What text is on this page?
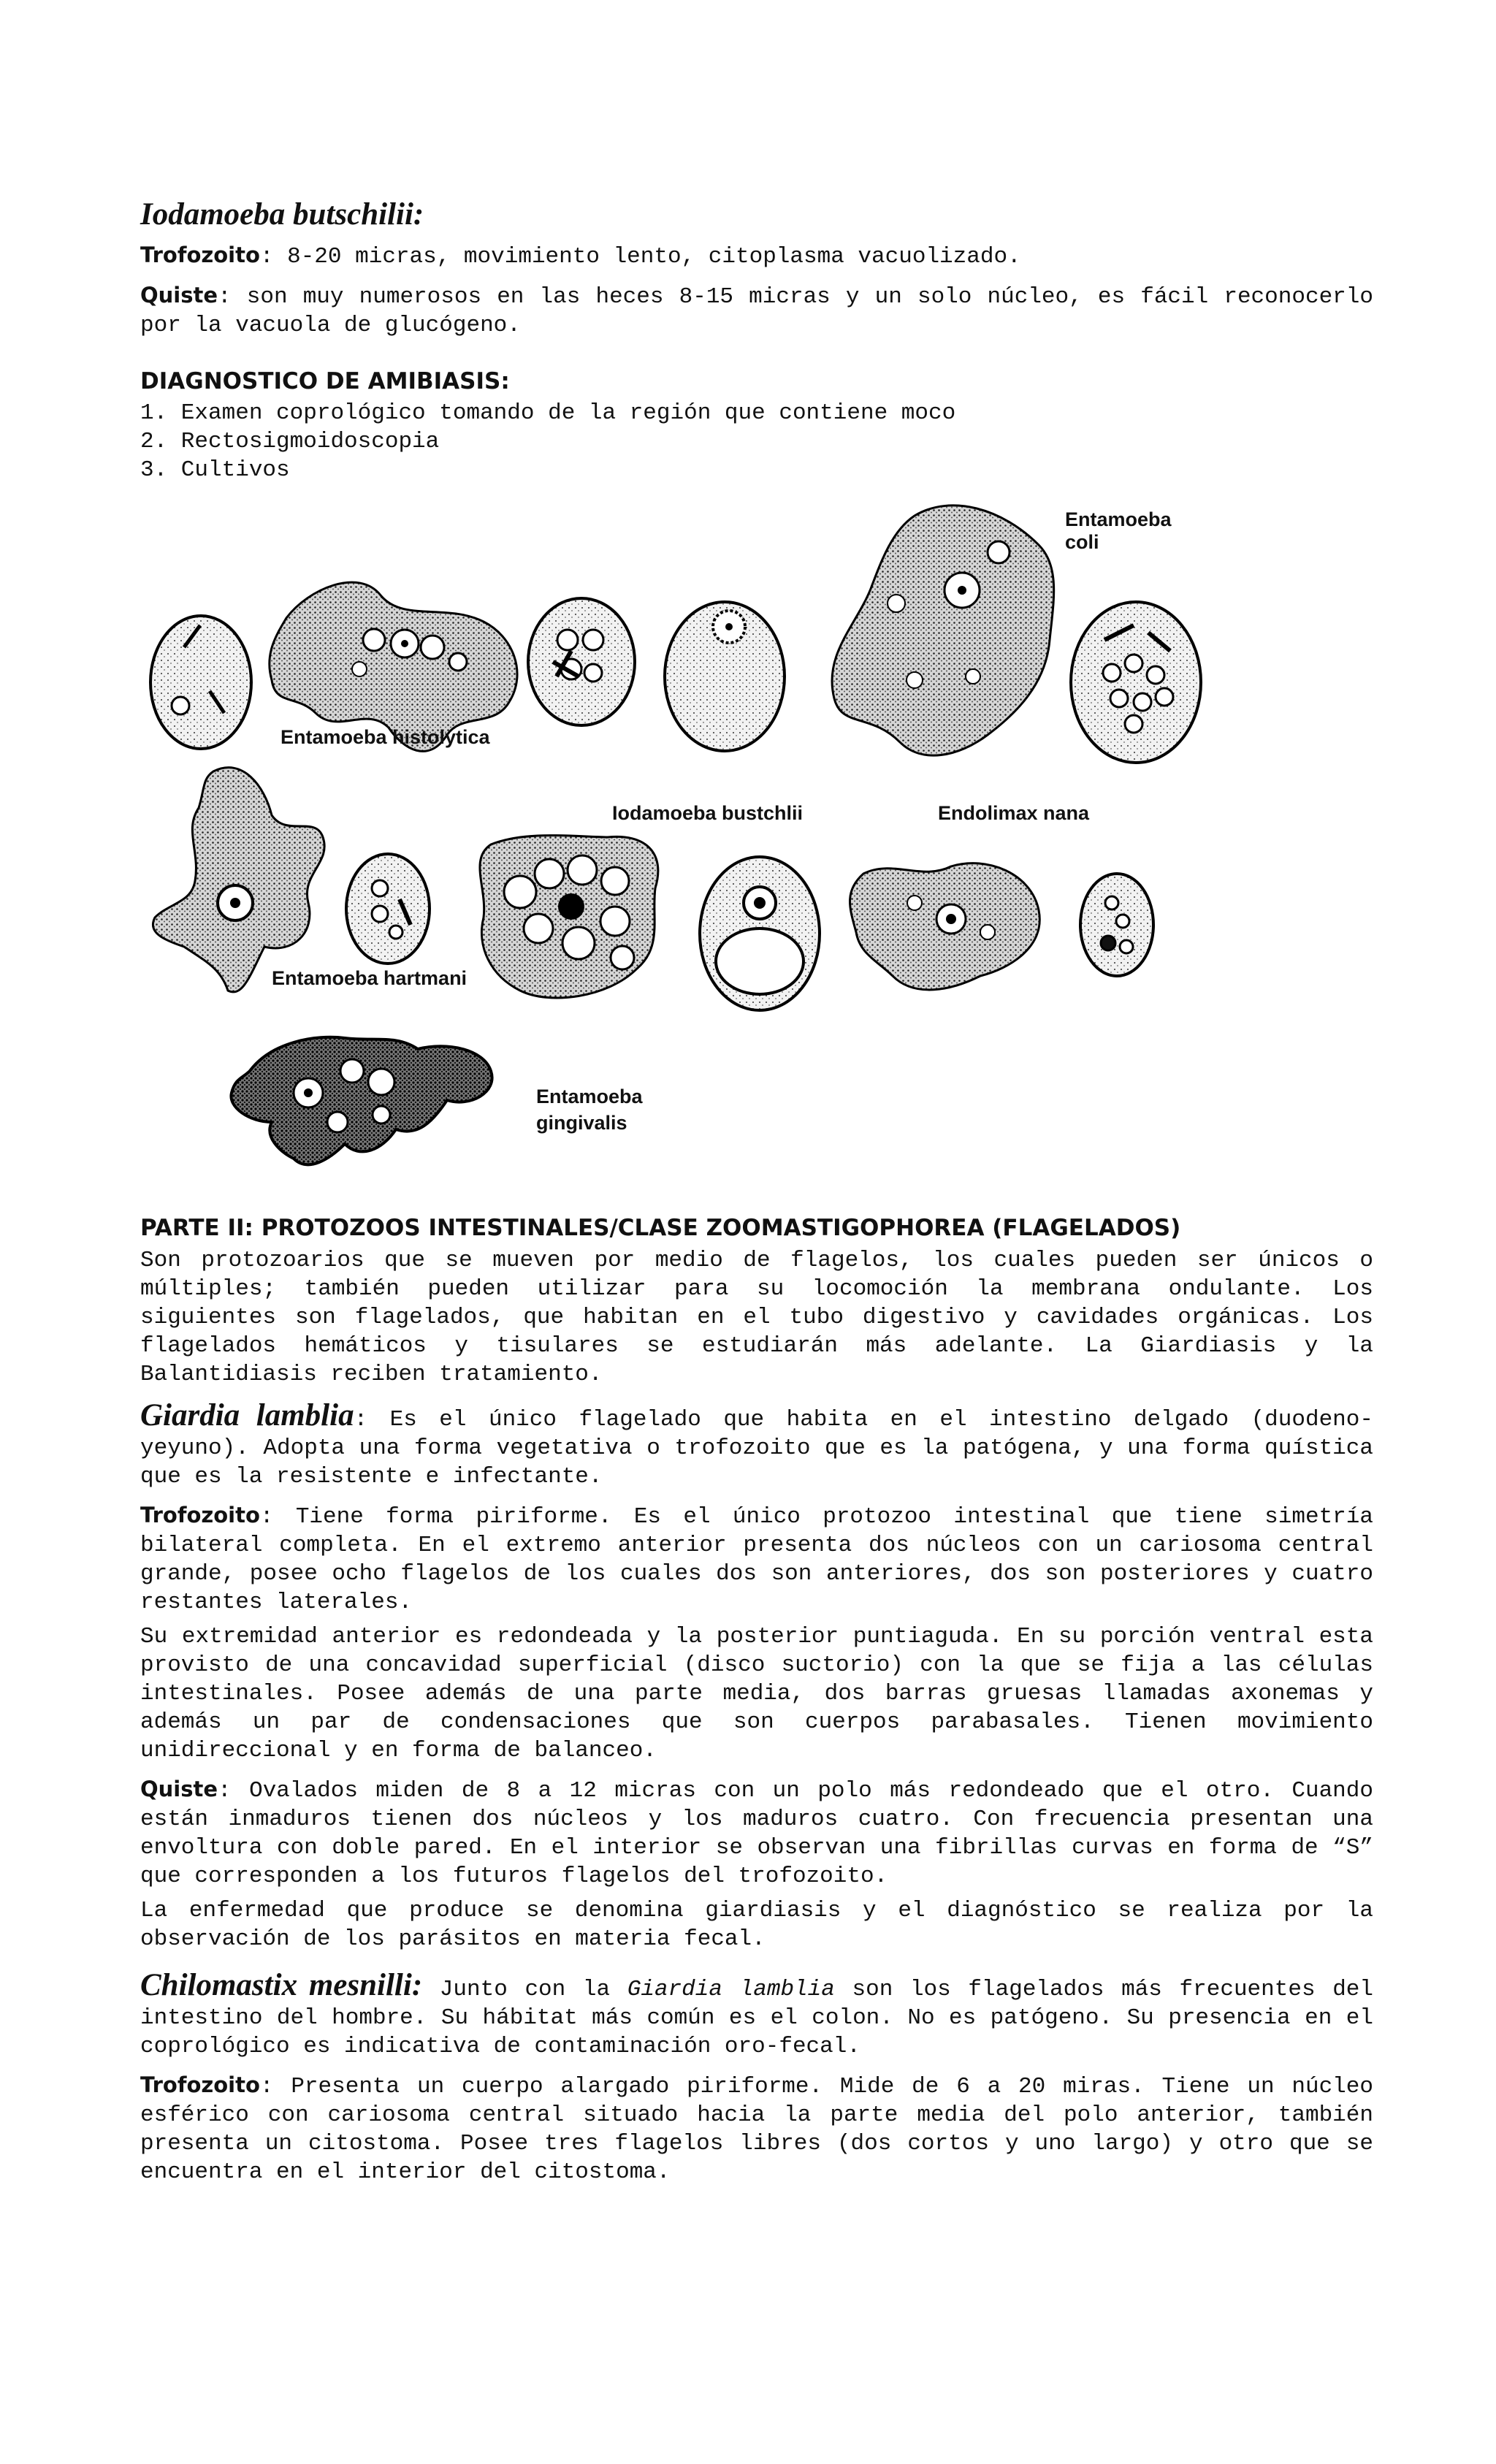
Iodamoeba butschilii:

Trofozoito: 8-20 micras, movimiento lento, citoplasma vacuolizado.

Quiste: son muy numerosos en las heces 8-15 micras y un solo núcleo, es fácil reconocerlo por la vacuola de glucógeno.

DIAGNOSTICO DE AMIBIASIS:

1. Examen coprológico tomando de la región que contiene moco

2. Rectosigmoidoscopia

3. Cultivos

Entamoeba coli
Entamoeba histolytica
Iodamoeba bustchlii	Endolimax nana
Entamoeba hartmani
Entamoeba
gingivalis

PARTE II: PROTOZOOS INTESTINALES/CLASE ZOOMASTIGOPHOREA (FLAGELADOS)

Son protozoarios que se mueven por medio de flagelos, los cuales pueden ser únicos o múltiples; también pueden utilizar para su locomoción la membrana ondulante. Los siguientes son flagelados, que habitan en el tubo digestivo y cavidades orgánicas. Los flagelados hemáticos y tisulares se estudiarán más adelante. La Giardiasis y la Balantidiasis reciben tratamiento.

Giardia lamblia: Es el único flagelado que habita en el intestino delgado (duodeno-yeyuno). Adopta una forma vegetativa o trofozoito que es la patógena, y una forma quística que es la resistente e infectante.

Trofozoito: Tiene forma piriforme. Es el único protozoo intestinal que tiene simetría bilateral completa. En el extremo anterior presenta dos núcleos con un cariosoma central grande, posee ocho flagelos de los cuales dos son anteriores, dos son posteriores y cuatro restantes laterales.

Su extremidad anterior es redondeada y la posterior puntiaguda. En su porción ventral esta provisto de una concavidad superficial (disco suctorio) con la que se fija a las células intestinales. Posee además de una parte media, dos barras gruesas llamadas axonemas y además un par de condensaciones que son cuerpos parabasales. Tienen movimiento unidireccional y en forma de balanceo.

Quiste: Ovalados miden de 8 a 12 micras con un polo más redondeado que el otro. Cuando están inmaduros tienen dos núcleos y los maduros cuatro. Con frecuencia presentan una envoltura con doble pared. En el interior se observan una fibrillas curvas en forma de “S” que corresponden a los futuros flagelos del trofozoito.

La enfermedad que produce se denomina giardiasis y el diagnóstico se realiza por la observación de los parásitos en materia fecal.

Chilomastix mesnilli: Junto con la Giardia lamblia son los flagelados más frecuentes del intestino del hombre. Su hábitat más común es el colon. No es patógeno. Su presencia en el coprológico es indicativa de contaminación oro-fecal.

Trofozoito: Presenta un cuerpo alargado piriforme. Mide de 6 a 20 miras. Tiene un núcleo esférico con cariosoma central situado hacia la parte media del polo anterior, también presenta un citostoma. Posee tres flagelos libres (dos cortos y uno largo) y otro que se encuentra en el interior del citostoma.
